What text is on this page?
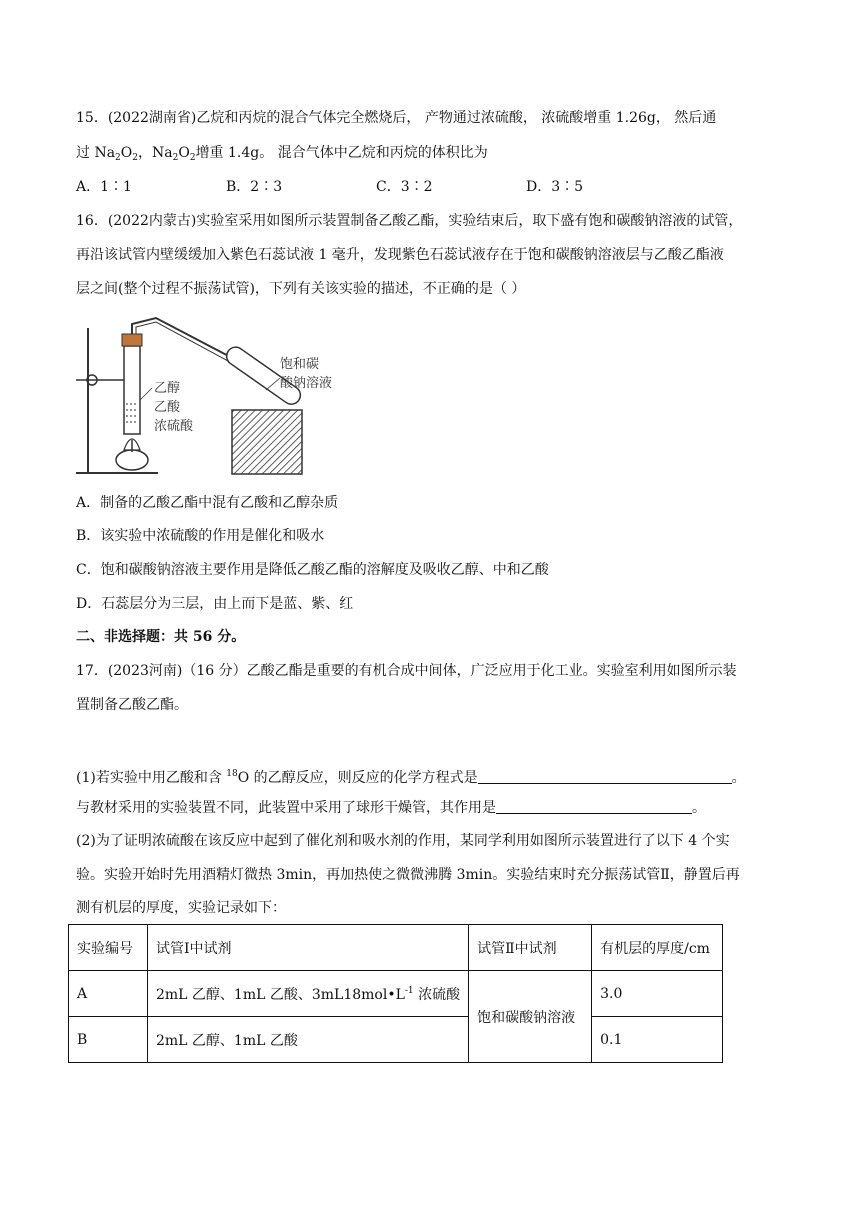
15．(2022湖南省)乙烷和丙烷的混合气体完全燃烧后， 产物通过浓硫酸， 浓硫酸增重 1.26g， 然后通
过 $Na_2O_2$，$Na_2O_2$增重 1.4g。 混合气体中乙烷和丙烷的体积比为
A．1∶1	B．2∶3	C．3∶2	D．3∶5
16．(2022内蒙古)实验室采用如图所示装置制备乙酸乙酯，实验结束后，取下盛有饱和碳酸钠溶液的试管，
再沿该试管内壁缓缓加入紫色石蕊试液 1 毫升，发现紫色石蕊试液存在于饱和碳酸钠溶液层与乙酸乙酯液
层之间(整个过程不振荡试管)，下列有关该实验的描述，不正确的是（ ）
乙醇
乙酸
浓硫酸
饱和碳
酸钠溶液
A．制备的乙酸乙酯中混有乙酸和乙醇杂质
B．该实验中浓硫酸的作用是催化和吸水
C．饱和碳酸钠溶液主要作用是降低乙酸乙酯的溶解度及吸收乙醇、中和乙酸
D．石蕊层分为三层，由上而下是蓝、紫、红
二、非选择题：共 56 分。
17．(2023河南)（16 分）乙酸乙酯是重要的有机合成中间体，广泛应用于化工业。实验室利用如图所示装
置制备乙酸乙酯。
(1)若实验中用乙酸和含 $^{18}$O 的乙醇反应，则反应的化学方程式是	。
与教材采用的实验装置不同，此装置中采用了球形干燥管，其作用是	。
(2)为了证明浓硫酸在该反应中起到了催化剂和吸水剂的作用，某同学利用如图所示装置进行了以下 4 个实
验。实验开始时先用酒精灯微热 3min，再加热使之微微沸腾 3min。实验结束时充分振荡试管Ⅱ，静置后再
测有机层的厚度，实验记录如下：
实验编号	试管Ⅰ中试剂	试管Ⅱ中试剂	有机层的厚度/cm
A	2mL 乙醇、1mL 乙酸、$3mL18mol•L^{-1}$ 浓硫酸	饱和碳酸钠溶液	3.0
B	2mL 乙醇、1mL 乙酸		0.1
